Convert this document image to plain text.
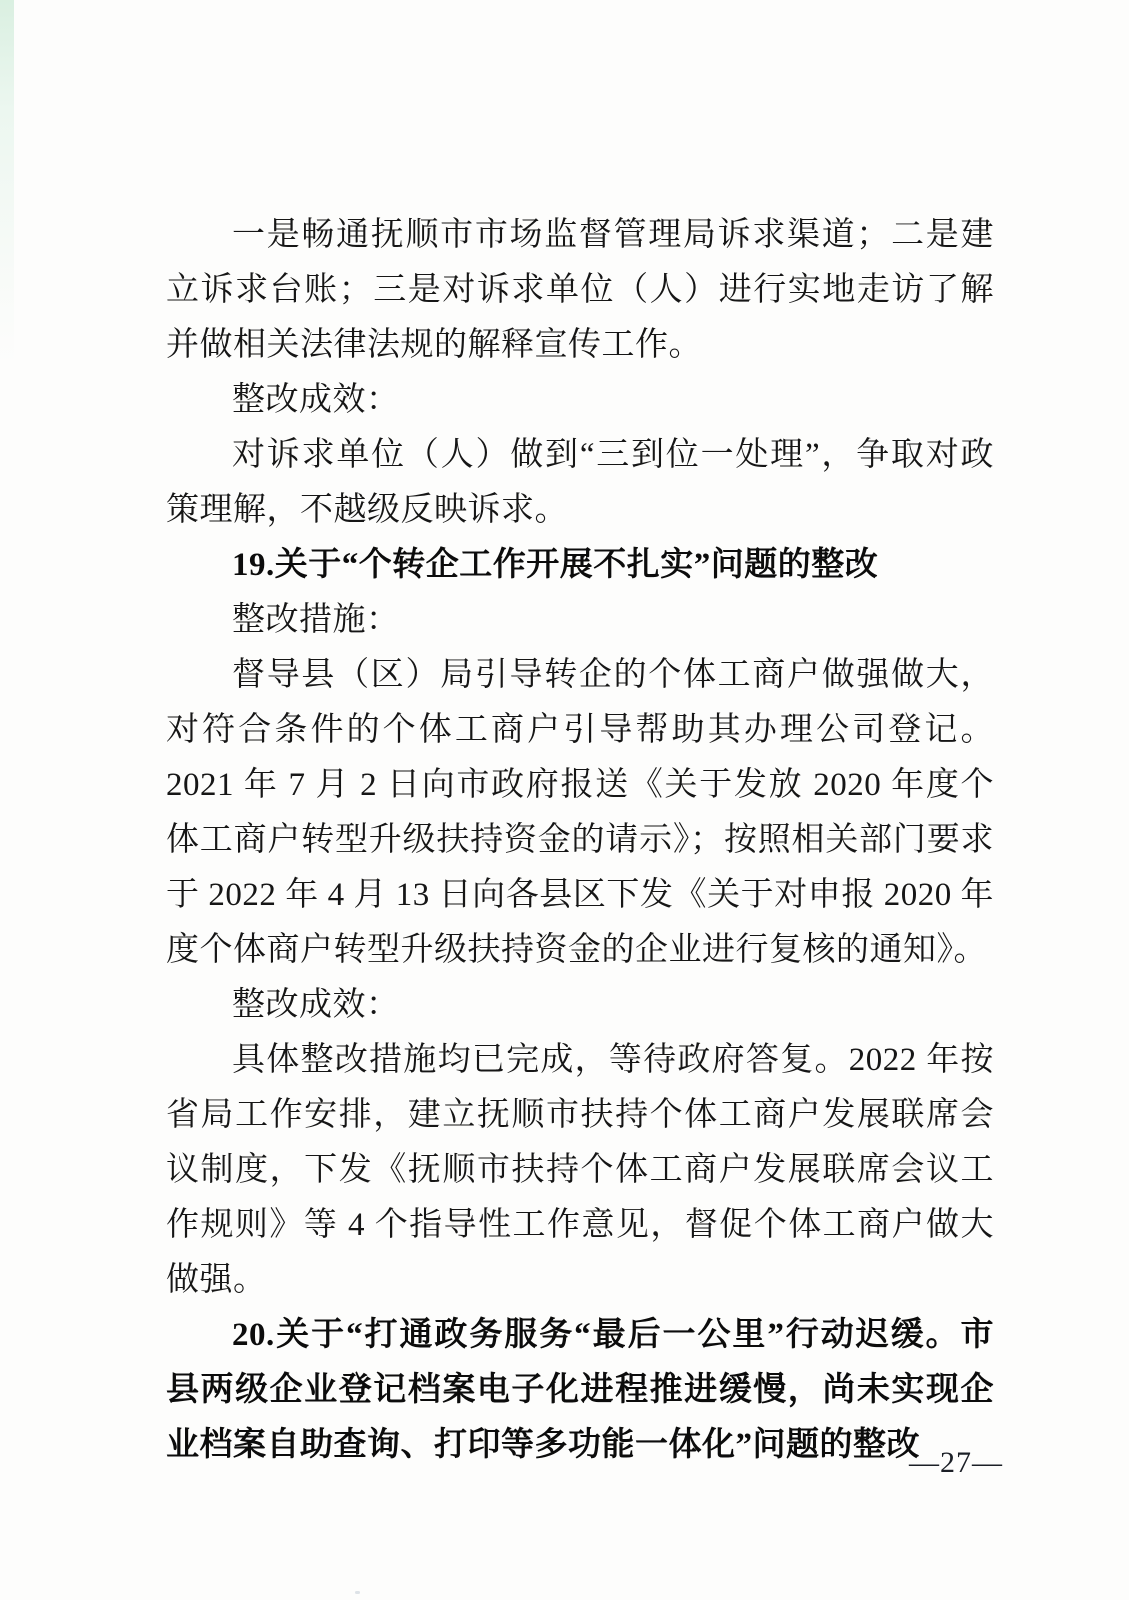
一是畅通抚顺市市场监督管理局诉求渠道；二是建立诉求台账；三是对诉求单位（人）进行实地走访了解并做相关法律法规的解释宣传工作。

整改成效：

对诉求单位（人）做到“三到位一处理”，争取对政策理解，不越级反映诉求。

19.关于“个转企工作开展不扎实”问题的整改

整改措施：

督导县（区）局引导转企的个体工商户做强做大，对符合条件的个体工商户引导帮助其办理公司登记。2021 年 7 月 2 日向市政府报送《关于发放 2020 年度个体工商户转型升级扶持资金的请示》；按照相关部门要求于 2022 年 4 月 13 日向各县区下发《关于对申报 2020 年度个体商户转型升级扶持资金的企业进行复核的通知》。

整改成效：

具体整改措施均已完成，等待政府答复。2022 年按省局工作安排，建立抚顺市扶持个体工商户发展联席会议制度，下发《抚顺市扶持个体工商户发展联席会议工作规则》等 4 个指导性工作意见，督促个体工商户做大做强。

20.关于“打通政务服务“最后一公里”行动迟缓。市县两级企业登记档案电子化进程推进缓慢，尚未实现企业档案自助查询、打印等多功能一体化”问题的整改

—27—
